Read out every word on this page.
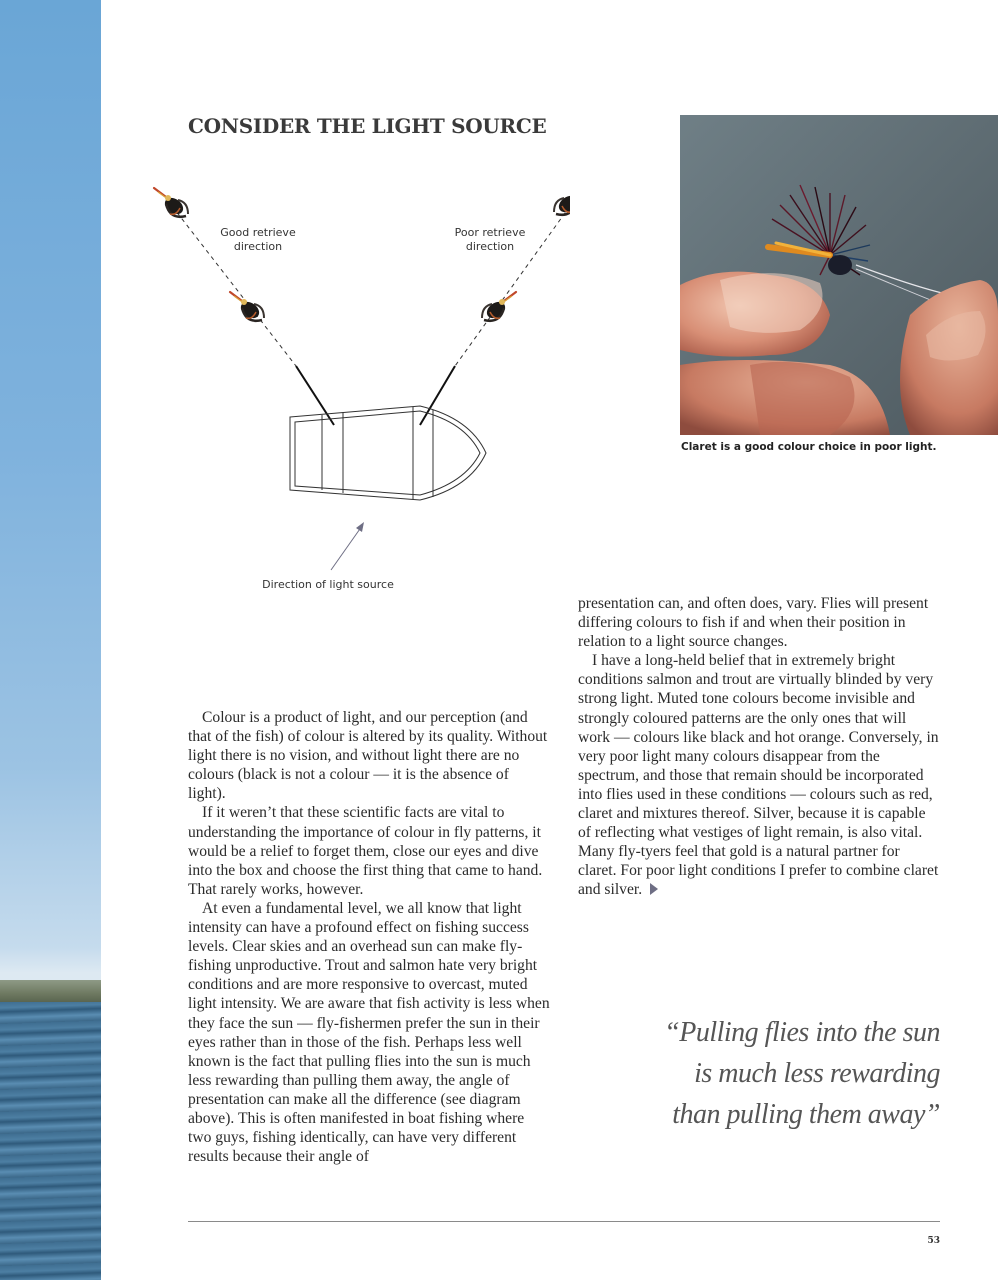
CONSIDER THE LIGHT SOURCE
Good retrieve
direction
Poor retrieve
direction
Direction of light source
Claret is a good colour choice in poor light.

Colour is a product of light, and our perception (and that of the fish) of colour is altered by its quality. Without light there is no vision, and without light there are no colours (black is not a colour — it is the absence of light).

If it weren’t that these scientific facts are vital to understanding the importance of colour in fly patterns, it would be a relief to forget them, close our eyes and dive into the box and choose the first thing that came to hand. That rarely works, however.

At even a fundamental level, we all know that light intensity can have a profound effect on fishing success levels. Clear skies and an overhead sun can make fly-fishing unproductive. Trout and salmon hate very bright conditions and are more responsive to overcast, muted light intensity. We are aware that fish activity is less when they face the sun — fly-fishermen prefer the sun in their eyes rather than in those of the fish. Perhaps less well known is the fact that pulling flies into the sun is much less rewarding than pulling them away, the angle of presentation can make all the difference (see diagram above). This is often manifested in boat fishing where two guys, fishing identically, can have very different results because their angle of

presentation can, and often does, vary. Flies will present differing colours to fish if and when their position in relation to a light source changes.

I have a long-held belief that in extremely bright conditions salmon and trout are virtually blinded by very strong light. Muted tone colours become invisible and strongly coloured patterns are the only ones that will work — colours like black and hot orange. Conversely, in very poor light many colours disappear from the spectrum, and those that remain should be incorporated into flies used in these conditions — colours such as red, claret and mixtures thereof. Silver, because it is capable of reflecting what vestiges of light remain, is also vital. Many fly-tyers feel that gold is a natural partner for claret. For poor light conditions I prefer to combine claret and silver.

“Pulling flies into the sun
is much less rewarding
than pulling them away”

53
